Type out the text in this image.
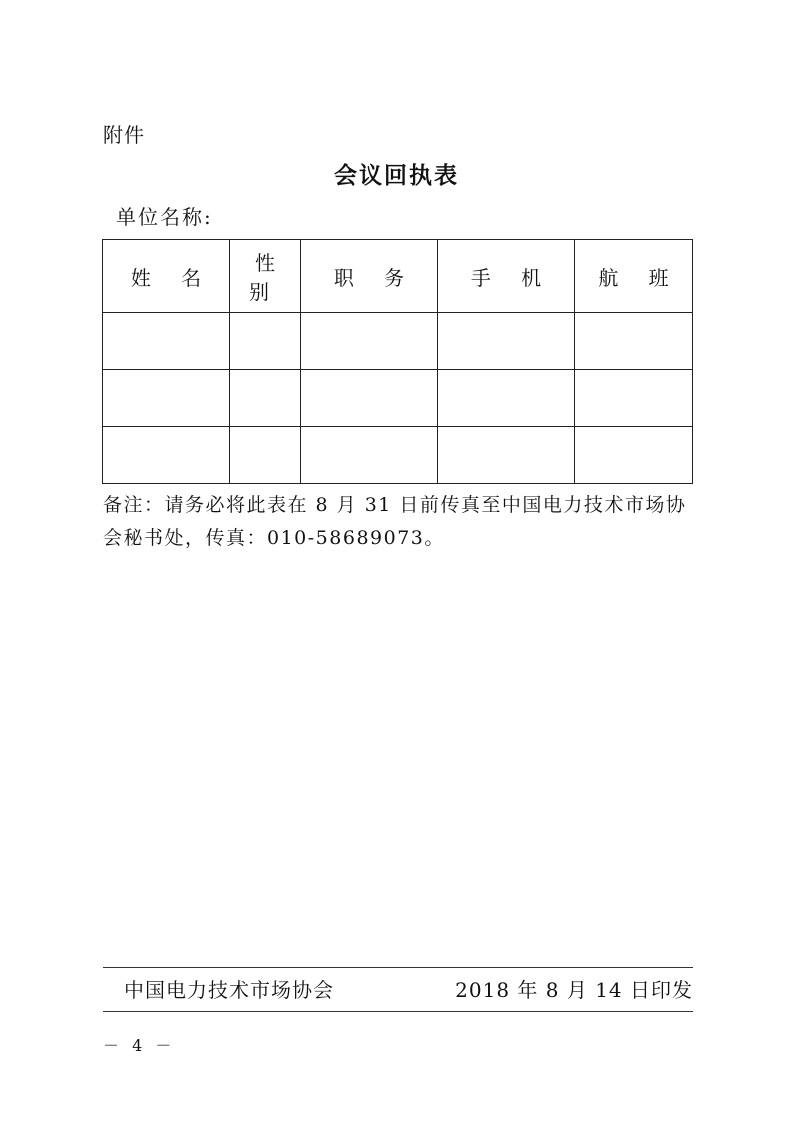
附件
会议回执表
单位名称:
姓 名	性 别	职 务	手 机	航 班

备注：请务必将此表在 8 月 31 日前传真至中国电力技术市场协

会秘书处，传真：010-58689073。

中国电力技术市场协会	2018 年 8 月 14 日印发
－ 4 －
